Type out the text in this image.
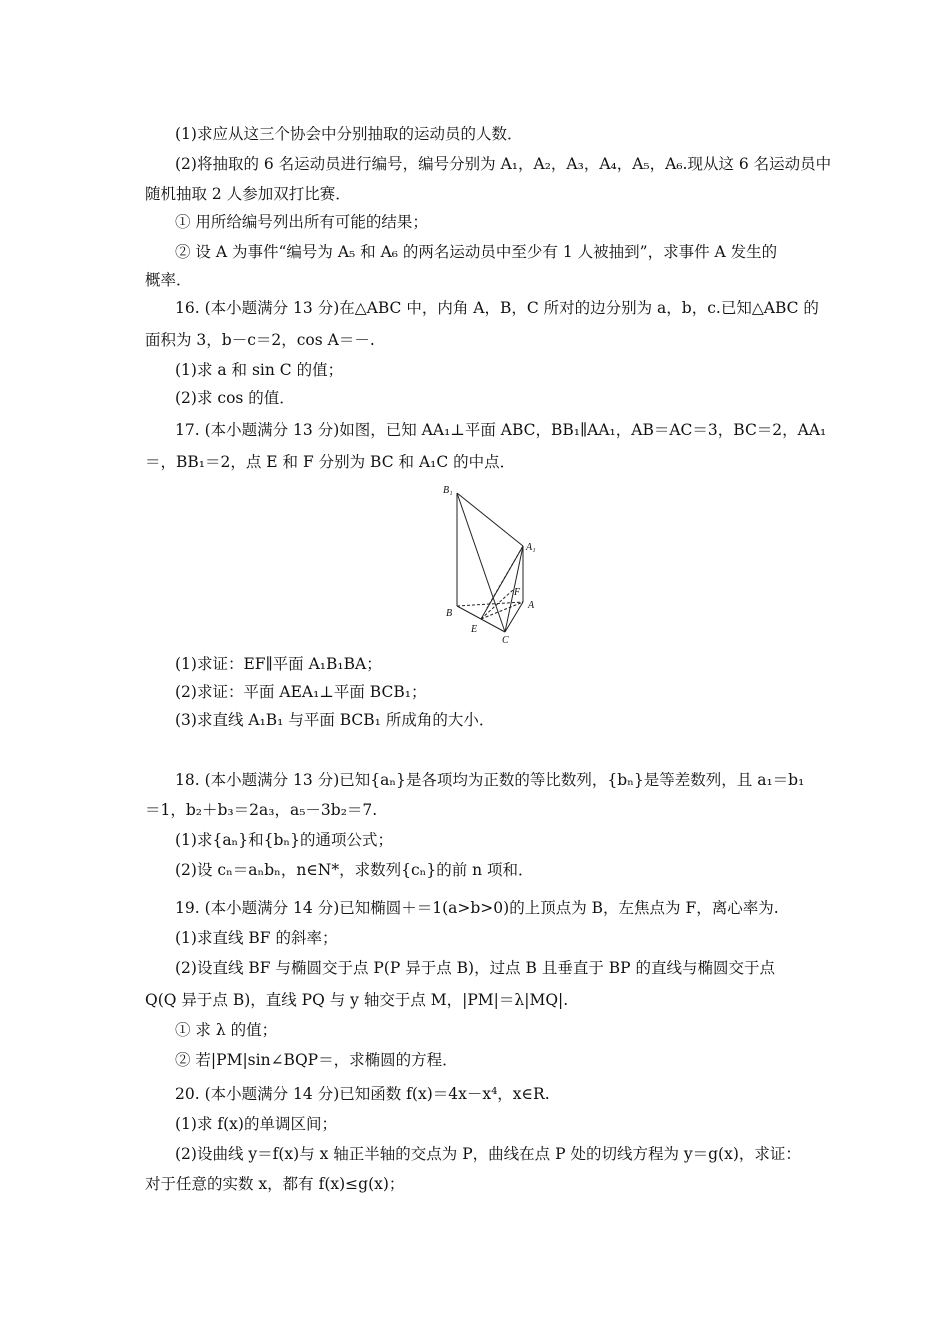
(1)求应从这三个协会中分别抽取的运动员的人数．
(2)将抽取的 6 名运动员进行编号，编号分别为 A₁，A₂，A₃，A₄，A₅，A₆.现从这 6 名运动员中
随机抽取 2 人参加双打比赛．
① 用所给编号列出所有可能的结果；
② 设 A 为事件“编号为 A₅ 和 A₆ 的两名运动员中至少有 1 人被抽到”，求事件 A 发生的
概率．
16. (本小题满分 13 分)在△ABC 中，内角 A，B，C 所对的边分别为 a，b，c.已知△ABC 的
面积为 3，b－c＝2，cos A＝－.
(1)求 a 和 sin C 的值；
(2)求 cos 的值．
17. (本小题满分 13 分)如图，已知 AA₁⊥平面 ABC，BB₁∥AA₁，AB＝AC＝3，BC＝2，AA₁
＝，BB₁＝2，点 E 和 F 分别为 BC 和 A₁C 的中点．
B₁
A₁
B
A
C
E
F
(1)求证：EF∥平面 A₁B₁BA；
(2)求证：平面 AEA₁⊥平面 BCB₁；
(3)求直线 A₁B₁ 与平面 BCB₁ 所成角的大小．
18. (本小题满分 13 分)已知{aₙ}是各项均为正数的等比数列，{bₙ}是等差数列，且 a₁＝b₁
＝1，b₂＋b₃＝2a₃，a₅－3b₂＝7.
(1)求{aₙ}和{bₙ}的通项公式；
(2)设 cₙ＝aₙbₙ，n∈N*，求数列{cₙ}的前 n 项和．
19. (本小题满分 14 分)已知椭圆＋＝1(a>b>0)的上顶点为 B，左焦点为 F，离心率为.
(1)求直线 BF 的斜率；
(2)设直线 BF 与椭圆交于点 P(P 异于点 B)，过点 B 且垂直于 BP 的直线与椭圆交于点
Q(Q 异于点 B)，直线 PQ 与 y 轴交于点 M，|PM|＝λ|MQ|.
① 求 λ 的值；
② 若|PM|sin∠BQP＝，求椭圆的方程．
20. (本小题满分 14 分)已知函数 f(x)＝4x－x⁴，x∈R.
(1)求 f(x)的单调区间；
(2)设曲线 y＝f(x)与 x 轴正半轴的交点为 P，曲线在点 P 处的切线方程为 y＝g(x)，求证：
对于任意的实数 x，都有 f(x)≤g(x)；
